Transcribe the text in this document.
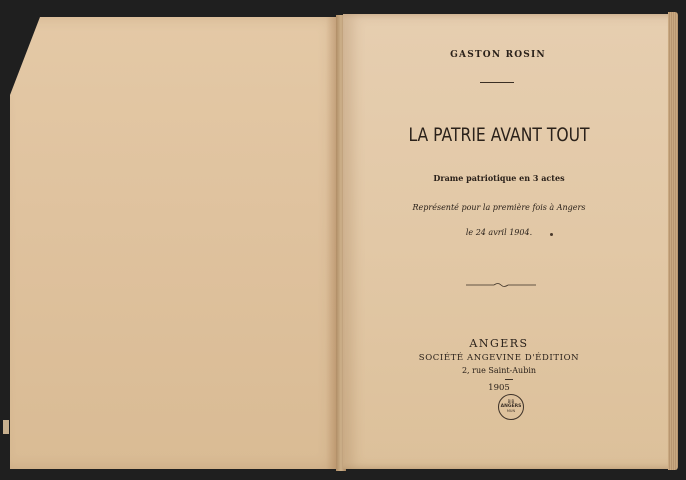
GASTON ROSIN
LA PATRIE AVANT TOUT
Drame patriotique en 3 actes
Représenté pour la première fois à Angers
le 24 avril 1904.
ANGERS
SOCIÉTÉ ANGEVINE D'ÉDITION
2, rue Saint-Aubin
1905
BIB
ANGERS
MUN
